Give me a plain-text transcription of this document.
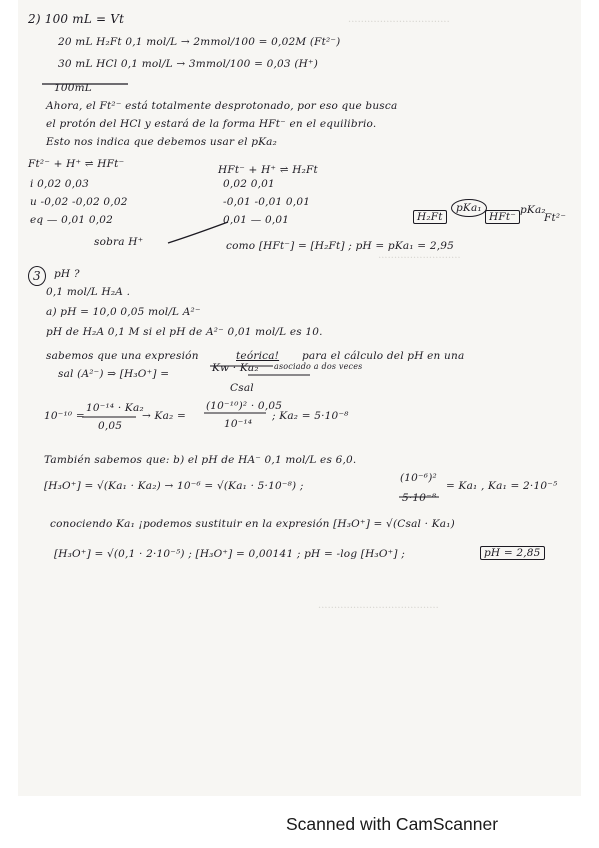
................................
..........................
......................................
2) 100 mL = Vt
20 mL H₂Ft 0,1 mol/L → 2mmol/100 = 0,02M (Ft²⁻)
30 mL HCl 0,1 mol/L → 3mmol/100 = 0,03 (H⁺)
100mL
Ahora, el Ft²⁻ está totalmente desprotonado, por eso que busca
el protón del HCl y estará de la forma HFt⁻ en el equilibrio.
Esto nos indica que debemos usar el pKa₂
Ft²⁻ + H⁺ ⇌ HFt⁻	HFt⁻ + H⁺ ⇌ H₂Ft
i 0,02 0,03
u -0,02 -0,02 0,02
eq — 0,01 0,02
0,02 0,01
-0,01 -0,01 0,01
0,01 — 0,01
sobra H⁺	como [HFt⁻] = [H₂Ft] ; pH = pKa₁ = 2,95
H₂Ft
pKa₁
HFt⁻
pKa₂
Ft²⁻
3	pH ?
0,1 mol/L H₂A .
a) pH = 10,0 0,05 mol/L A²⁻
pH de H₂A 0,1 M si el pH de A²⁻ 0,01 mol/L es 10.
sabemos que una expresión	teórica! para el cálculo del pH en una
sal (A²⁻) ⇒ [H₃O⁺] =	Kw · Ka₂
Csal
asociado a dos veces
10⁻¹⁰ =
10⁻¹⁴ · Ka₂
0,05
→ Ka₂ =
(10⁻¹⁰)² · 0,05
10⁻¹⁴
; Ka₂ = 5·10⁻⁸
También sabemos que: b) el pH de HA⁻ 0,1 mol/L es 6,0.
[H₃O⁺] = √(Ka₁ · Ka₂) → 10⁻⁶ = √(Ka₁ · 5·10⁻⁸) ;
(10⁻⁶)²
5·10⁻⁸
= Ka₁ , Ka₁ = 2·10⁻⁵
conociendo Ka₁ ¡podemos sustituir en la expresión [H₃O⁺] = √(Csal · Ka₁)
[H₃O⁺] = √(0,1 · 2·10⁻⁵) ; [H₃O⁺] = 0,00141 ; pH = -log [H₃O⁺] ;	pH = 2,85
Scanned with CamScanner
